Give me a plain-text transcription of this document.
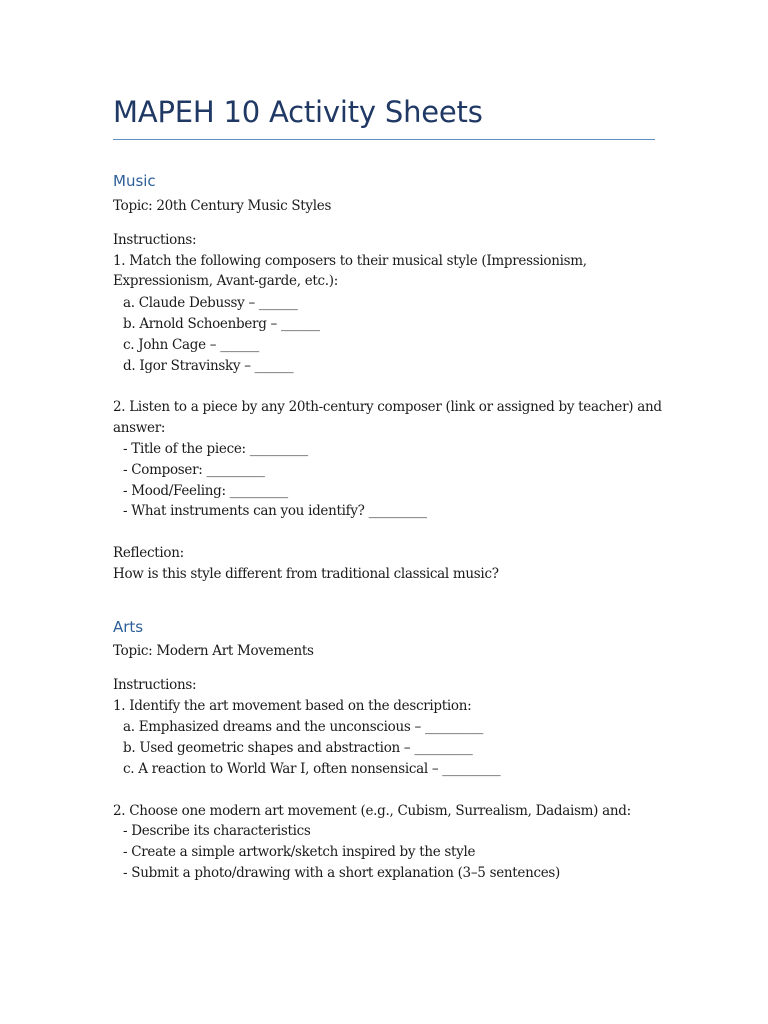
MAPEH 10 Activity Sheets
Music

Topic: 20th Century Music Styles

Instructions:

1. Match the following composers to their musical style (Impressionism,

Expressionism, Avant-garde, etc.):

a. Claude Debussy – ______

b. Arnold Schoenberg – ______

c. John Cage – ______

d. Igor Stravinsky – ______

2. Listen to a piece by any 20th-century composer (link or assigned by teacher) and

answer:

- Title of the piece: _________

- Composer: _________

- Mood/Feeling: _________

- What instruments can you identify? _________

Reflection:

How is this style different from traditional classical music?

Arts

Topic: Modern Art Movements

Instructions:

1. Identify the art movement based on the description:

a. Emphasized dreams and the unconscious – _________

b. Used geometric shapes and abstraction – _________

c. A reaction to World War I, often nonsensical – _________

2. Choose one modern art movement (e.g., Cubism, Surrealism, Dadaism) and:

- Describe its characteristics

- Create a simple artwork/sketch inspired by the style

- Submit a photo/drawing with a short explanation (3–5 sentences)
